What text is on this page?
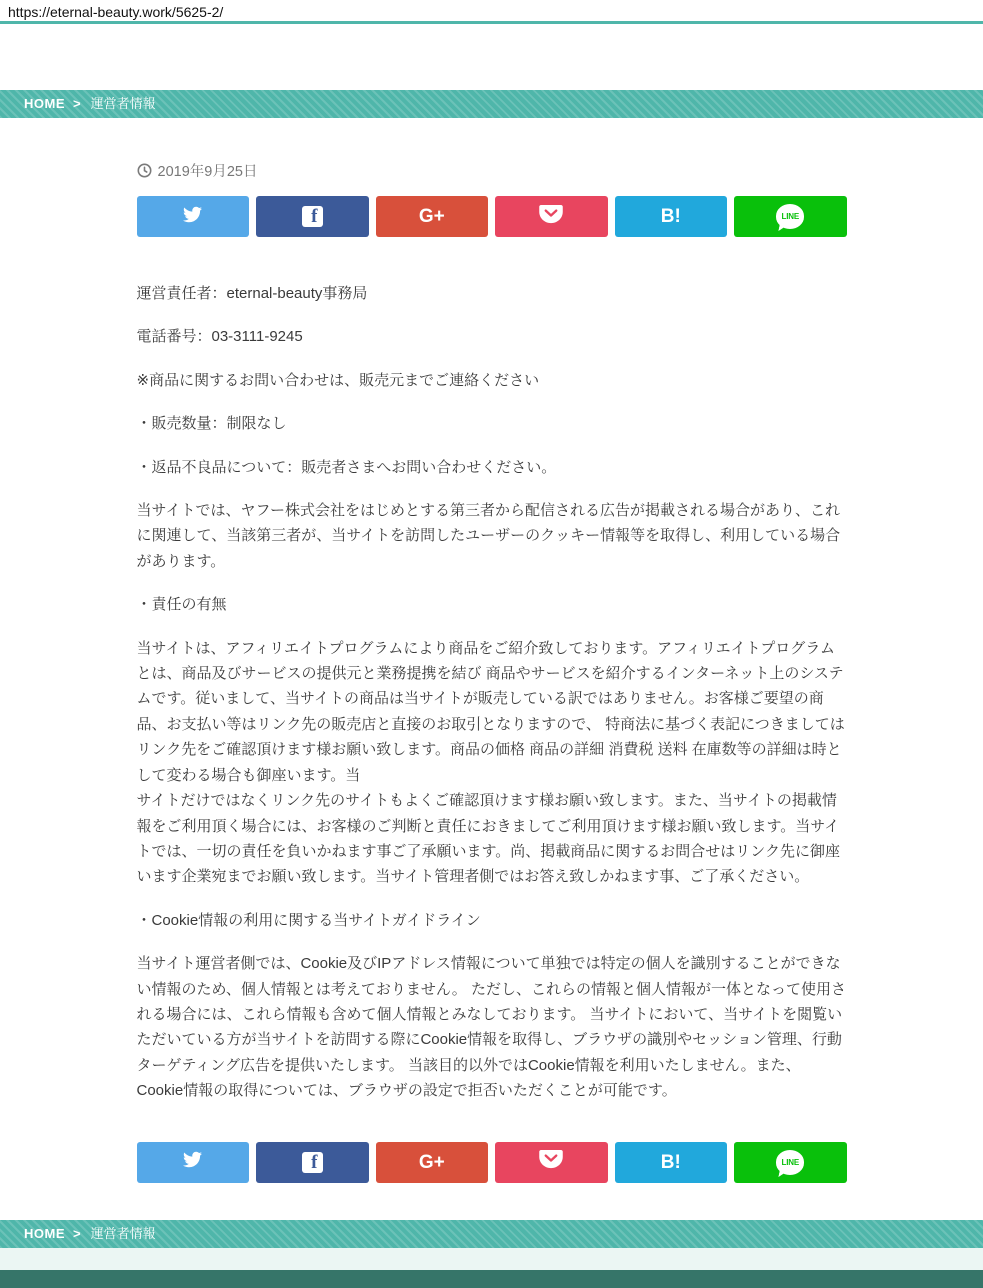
https://eternal-beauty.work/5625-2/
HOME > 運営者情報
2019年9月25日
f	G+	B!	LINE

運営責任者：eternal-beauty事務局

電話番号：03-3111-9245

※商品に関するお問い合わせは、販売元までご連絡ください

・販売数量：制限なし

・返品不良品について：販売者さまへお問い合わせください。

当サイトでは、ヤフー株式会社をはじめとする第三者から配信される広告が掲載される場合があり、これに関連して、当該第三者が、当サイトを訪問したユーザーのクッキー情報等を取得し、利用している場合があります。

・責任の有無

当サイトは、アフィリエイトプログラムにより商品をご紹介致しております。アフィリエイトプログラムとは、商品及びサービスの提供元と業務提携を結び 商品やサービスを紹介するインターネット上のシステムです。従いまして、当サイトの商品は当サイトが販売している訳ではありません。お客様ご要望の商品、お支払い等はリンク先の販売店と直接のお取引となりますので、 特商法に基づく表記につきましてはリンク先をご確認頂けます様お願い致します。商品の価格 商品の詳細 消費税 送料 在庫数等の詳細は時として変わる場合も御座います。当
サイトだけではなくリンク先のサイトもよくご確認頂けます様お願い致します。また、当サイトの掲載情報をご利用頂く場合には、お客様のご判断と責任におきましてご利用頂けます様お願い致します。当サイトでは、一切の責任を負いかねます事ご了承願います。尚、掲載商品に関するお問合せはリンク先に御座います企業宛までお願い致します。当サイト管理者側ではお答え致しかねます事、ご了承ください。

・Cookie情報の利用に関する当サイトガイドライン

当サイト運営者側では、Cookie及びIPアドレス情報について単独では特定の個人を識別することができない情報のため、個人情報とは考えておりません。 ただし、これらの情報と個人情報が一体となって使用される場合には、これら情報も含めて個人情報とみなしております。 当サイトにおいて、当サイトを閲覧いただいている方が当サイトを訪問する際にCookie情報を取得し、ブラウザの識別やセッション管理、行動ターゲティング広告を提供いたします。 当該目的以外ではCookie情報を利用いたしません。また、Cookie情報の取得については、ブラウザの設定で拒否いただくことが可能です。

f	G+	B!	LINE
HOME > 運営者情報
